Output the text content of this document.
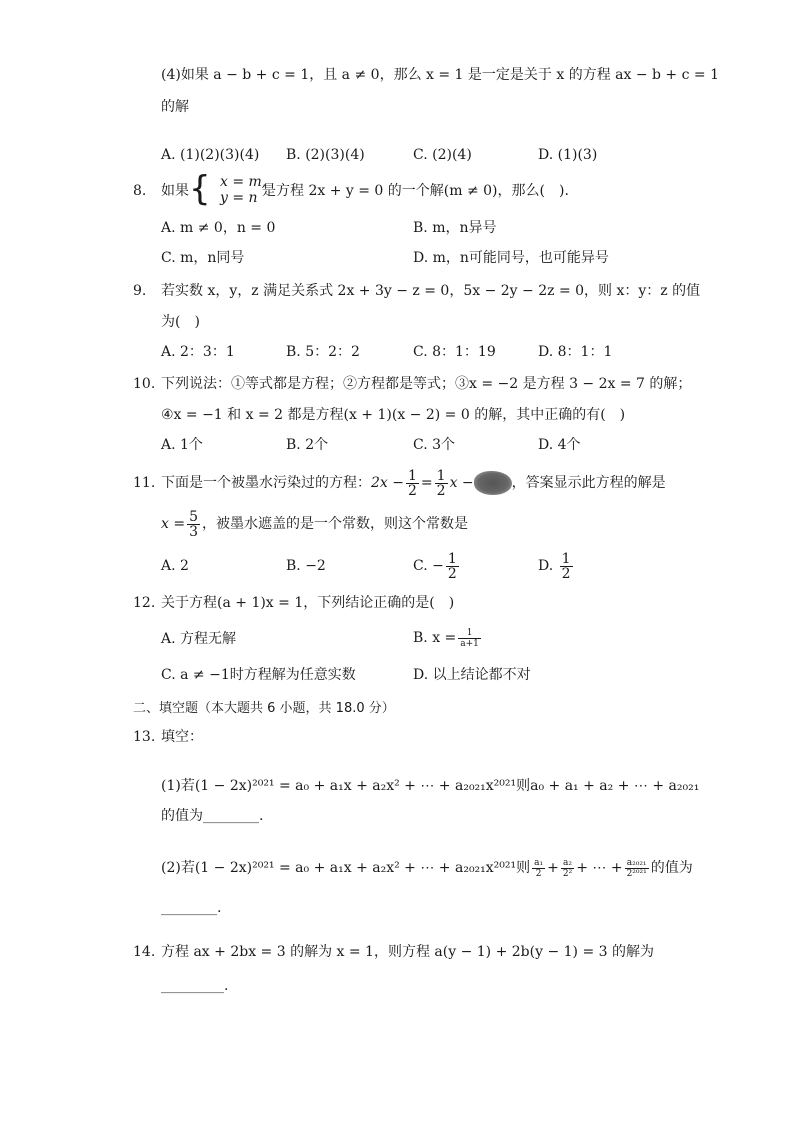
(4)如果 a − b + c = 1，且 a ≠ 0，那么 x = 1 是一定是关于 x 的方程 ax − b + c = 1
的解
A. (1)(2)(3)(4) B. (2)(3)(4)	C. (2)(4)	D. (1)(3)
8. 如果 { x = m,
y = n 是方程 2x + y = 0 的一个解(m ≠ 0)，那么(　).
A. m ≠ 0，n = 0	B. m，n异号
C. m，n同号	D. m，n可能同号，也可能异号
9. 若实数 x，y，z 满足关系式 2x + 3y − z = 0，5x − 2y − 2z = 0，则 x：y：z 的值
为(　)
A. 2：3：1	B. 5：2：2	C. 8：1：19	D. 8：1：1
10. 下列说法：①等式都是方程；②方程都是等式；③x = −2 是方程 3 − 2x = 7 的解；
④x = −1 和 x = 2 都是方程(x + 1)(x − 2) = 0 的解，其中正确的有(　)
A. 1个	B. 2个	C. 3个	D. 4个
11. 下面是一个被墨水污染过的方程：$2x - \frac{1}{2} = \frac{1}{2}$ x −	，答案显示此方程的解是
$x = \frac{5}{3}$ ，被墨水遮盖的是一个常数，则这个常数是
A. 2	B. −2	C. − $\frac{1}{2}$	D. $\frac{1}{2}$
12. 关于方程(a + 1)x = 1，下列结论正确的是(　)
A. 方程无解	B. $x = \frac{1}{a+1}$
C. a ≠ −1时方程解为任意实数	D. 以上结论都不对
二、填空题（本大题共 6 小题，共 18.0 分）
13. 填空：
(1)若(1 − 2x)²⁰²¹ = a₀ + a₁x + a₂x² + ⋯ + a₂₀₂₁x²⁰²¹则a₀ + a₁ + a₂ + ⋯ + a₂₀₂₁
的值为________.
(2)若(1 − 2x)²⁰²¹ = a₀ + a₁x + a₂x² + ⋯ + a₂₀₂₁x²⁰²¹则 $\frac{\text{a₁}}{2} + \frac{\text{a₂}}{\text{2²}}$ + ⋯ + $\frac{\text{a₂₀₂₁}}{\text{2²⁰²¹}}$ 的值为
________.
14. 方程 ax + 2bx = 3 的解为 x = 1，则方程 a(y − 1) + 2b(y − 1) = 3 的解为
_________.
